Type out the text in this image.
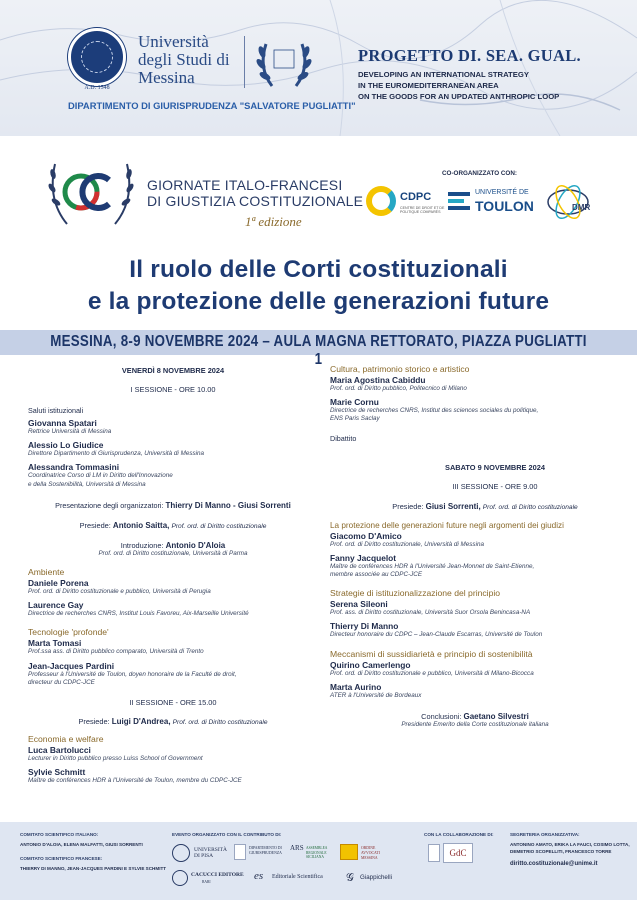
A.D. 1548
Università
degli Studi di
Messina
DIPARTIMENTO DI GIURISPRUDENZA "SALVATORE PUGLIATTI"
PROGETTO DI. SEA. GUAL.
DEVELOPING AN INTERNATIONAL STRATEGY
IN THE EUROMEDITERRANEAN AREA
ON THE GOODS FOR AN UPDATED ANTHROPIC LOOP
GIORNATE ITALO-FRANCESI
DI GIUSTIZIA COSTITUZIONALE
1ª edizione
CO-ORGANIZZATO CON:
CDPC
CENTRE DE DROIT ET DE POLITIQUE COMPARÉS
UNIVERSITÉ DE
TOULON	DMR
Il ruolo delle Corti costituzionali
e la protezione delle generazioni future
MESSINA, 8-9 NOVEMBRE 2024 – AULA MAGNA RETTORATO, PIAZZA PUGLIATTI 1
VENERDÌ 8 NOVEMBRE 2024
I SESSIONE - ORE 10.00
Saluti istituzionali
Giovanna Spatari
Rettrice Università di Messina
Alessio Lo Giudice
Direttore Dipartimento di Giurisprudenza, Università di Messina
Alessandra Tommasini
Coordinatrice Corso di LM in Diritto dell'Innovazione
e della Sostenibilità, Università di Messina
Presentazione degli organizzatori: Thierry Di Manno - Giusi Sorrenti
Presiede: Antonio Saitta, Prof. ord. di Diritto costituzionale
Introduzione: Antonio D'Aloia
Prof. ord. di Diritto costituzionale, Università di Parma
Ambiente
Daniele Porena
Prof. ord. di Diritto costituzionale e pubblico, Università di Perugia
Laurence Gay
Directrice de recherches CNRS, Institut Louis Favoreu, Aix-Marseille Université
Tecnologie 'profonde'
Marta Tomasi
Prof.ssa ass. di Diritto pubblico comparato, Università di Trento
Jean-Jacques Pardini
Professeur à l'Université de Toulon, doyen honoraire de la Faculté de droit,
directeur du CDPC-JCE
II SESSIONE - ORE 15.00
Presiede: Luigi D'Andrea, Prof. ord. di Diritto costituzionale
Economia e welfare
Luca Bartolucci
Lecturer in Diritto pubblico presso Luiss School of Government
Sylvie Schmitt
Maître de conférences HDR à l'Université de Toulon, membre du CDPC-JCE
Cultura, patrimonio storico e artistico
Maria Agostina Cabiddu
Prof. ord. di Diritto pubblico, Politecnico di Milano
Marie Cornu
Directrice de recherches CNRS, Institut des sciences sociales du politique,
ENS Paris Saclay
Dibattito
SABATO 9 NOVEMBRE 2024
III SESSIONE - ORE 9.00
Presiede: Giusi Sorrenti, Prof. ord. di Diritto costituzionale
La protezione delle generazioni future negli argomenti dei giudizi
Giacomo D'Amico
Prof. ord. di Diritto costituzionale, Università di Messina
Fanny Jacquelot
Maître de conférences HDR à l'Université Jean-Monnet de Saint-Etienne,
membre associée au CDPC-JCE
Strategie di istituzionalizzazione del principio
Serena Sileoni
Prof. ass. di Diritto costituzionale, Università Suor Orsola Benincasa-NA
Thierry Di Manno
Directeur honoraire du CDPC – Jean-Claude Escarras, Université de Toulon
Meccanismi di sussidiarietà e principio di sostenibilità
Quirino Camerlengo
Prof. ord. di Diritto costituzionale e pubblico, Università di Milano-Bicocca
Marta Aurino
ATER à l'Université de Bordeaux
Conclusioni: Gaetano Silvestri
Presidente Emerito della Corte costituzionale italiana
COMITATO SCIENTIFICO ITALIANO:
ANTONIO D'ALOIA, ELENA MALFATTI, GIUSI SORRENTI
COMITATO SCIENTIFICO FRANCESE:
THIERRY DI MANNO, JEAN-JACQUES PARDINI E SYLVIE SCHMITT
EVENTO ORGANIZZATO CON IL CONTRIBUTO DI:
UNIVERSITÀ DI PISA
DIPARTIMENTO DI GIURISPRUDENZA
ARS ASSEMBLEA REGIONALE SICILIANA
ORDINE AVVOCATI MESSINA
CACUCCI EDITORE
BARI	es Editoriale Scientifica 𝒢 Giappichelli
CON LA COLLABORAZIONE DI:
GdC
SEGRETERIA ORGANIZZATIVA:
ANTONINO AMATO, ERIKA LA FAUCI, COSIMO LOTTA,
DEMETRIO SCOPELLITI, FRANCESCO TORRE
diritto.costituzionale@unime.it
